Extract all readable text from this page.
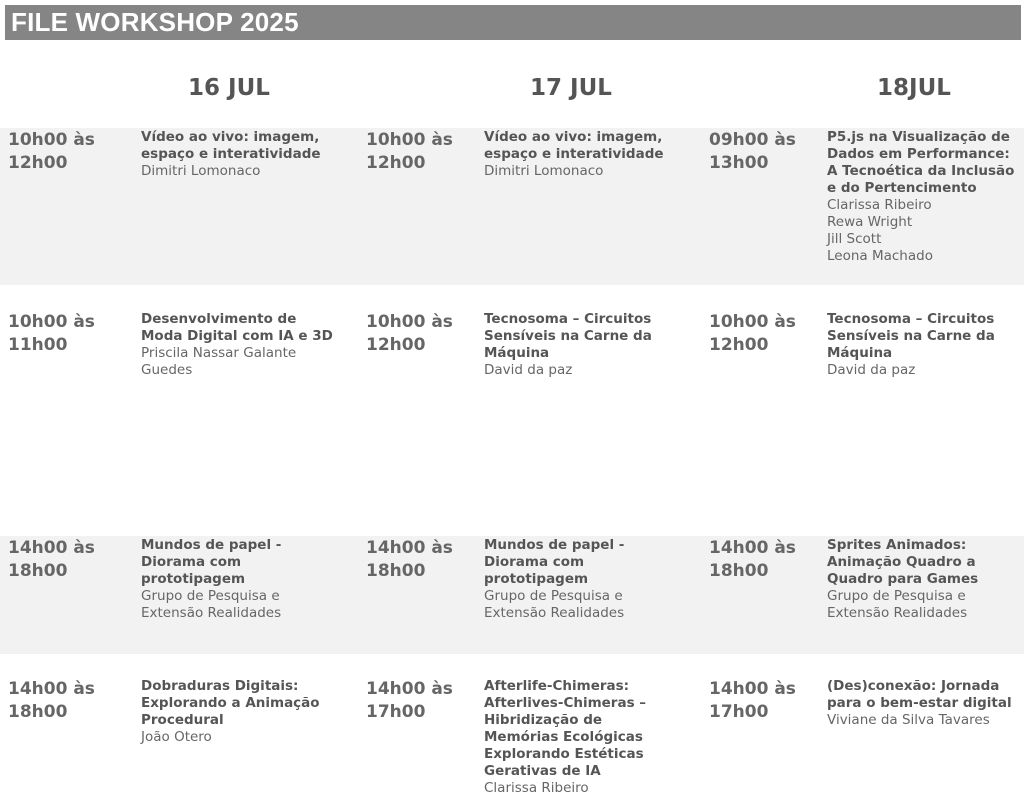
FILE WORKSHOP 2025
16 JUL	17 JUL	18JUL
10h00 às
12h00
Vídeo ao vivo: imagem,
espaço e interatividade
Dimitri Lomonaco
10h00 às
12h00
Vídeo ao vivo: imagem,
espaço e interatividade
Dimitri Lomonaco
09h00 às
13h00
P5.js na Visualização de
Dados em Performance:
A Tecnoética da Inclusão
e do Pertencimento
Clarissa Ribeiro
Rewa Wright
Jill Scott
Leona Machado
10h00 às
11h00
Desenvolvimento de
Moda Digital com IA e 3D
Priscila Nassar Galante
Guedes
10h00 às
12h00
Tecnosoma – Circuitos
Sensíveis na Carne da
Máquina
David da paz
10h00 às
12h00
Tecnosoma – Circuitos
Sensíveis na Carne da
Máquina
David da paz
14h00 às
18h00
Mundos de papel -
Diorama com
prototipagem
Grupo de Pesquisa e
Extensão Realidades
14h00 às
18h00
Mundos de papel -
Diorama com
prototipagem
Grupo de Pesquisa e
Extensão Realidades
14h00 às
18h00
Sprites Animados:
Animação Quadro a
Quadro para Games
Grupo de Pesquisa e
Extensão Realidades
14h00 às
18h00
Dobraduras Digitais:
Explorando a Animação
Procedural
João Otero
14h00 às
17h00
Afterlife-Chimeras:
Afterlives-Chimeras –
Hibridização de
Memórias Ecológicas
Explorando Estéticas
Gerativas de IA
Clarissa Ribeiro
14h00 às
17h00
(Des)conexão: Jornada
para o bem-estar digital
Viviane da Silva Tavares
